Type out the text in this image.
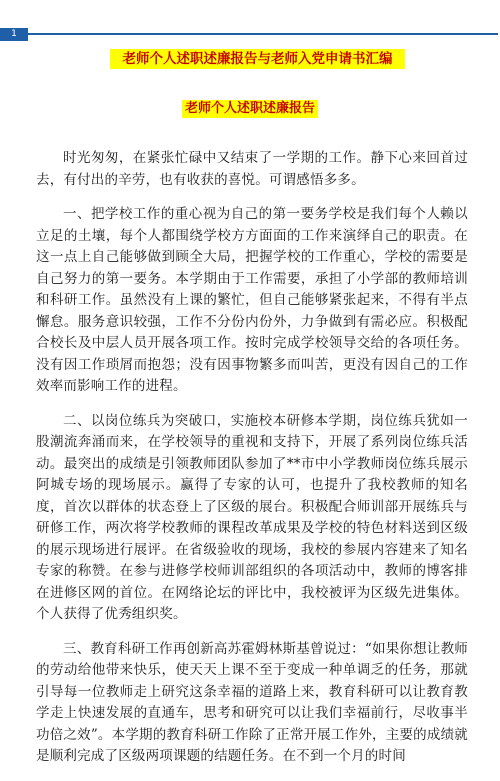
1
老师个人述职述廉报告与老师入党申请书汇编
老师个人述职述廉报告

时光匆匆，在紧张忙碌中又结束了一学期的工作。静下心来回首过去，有付出的辛劳，也有收获的喜悦。可谓感悟多多。

一、把学校工作的重心视为自己的第一要务学校是我们每个人赖以立足的土壤，每个人都围绕学校方方面面的工作来演绎自己的职责。在这一点上自己能够做到顾全大局，把握学校的工作重心，学校的需要是自己努力的第一要务。本学期由于工作需要，承担了小学部的教师培训和科研工作。虽然没有上课的繁忙，但自己能够紧张起来，不得有半点懈怠。服务意识较强，工作不分份内份外，力争做到有需必应。积极配合校长及中层人员开展各项工作。按时完成学校领导交给的各项任务。没有因工作琐屑而抱怨；没有因事物繁多而叫苦，更没有因自己的工作效率而影响工作的进程。

二、以岗位练兵为突破口，实施校本研修本学期，岗位练兵犹如一股潮流奔涌而来，在学校领导的重视和支持下，开展了系列岗位练兵活动。最突出的成绩是引领教师团队参加了**市中小学教师岗位练兵展示阿城专场的现场展示。赢得了专家的认可，也提升了我校教师的知名度，首次以群体的状态登上了区级的展台。积极配合师训部开展练兵与研修工作，两次将学校教师的课程改革成果及学校的特色材料送到区级的展示现场进行展评。在省级验收的现场，我校的参展内容建来了知名专家的称赞。在参与进修学校师训部组织的各项活动中，教师的博客排在进修区网的首位。在网络论坛的评比中，我校被评为区级先进集体。个人获得了优秀组织奖。

三、教育科研工作再创新高苏霍姆林斯基曾说过：“如果你想让教师的劳动给他带来快乐，使天天上课不至于变成一种单调乏的任务，那就引导每一位教师走上研究这条幸福的道路上来，教育科研可以让教育教学走上快速发展的直通车，思考和研究可以让我们幸福前行，尽收事半功倍之效”。本学期的教育科研工作除了正常开展工作外，主要的成绩就是顺利完成了区级两项课题的结题任务。在不到一个月的时间
